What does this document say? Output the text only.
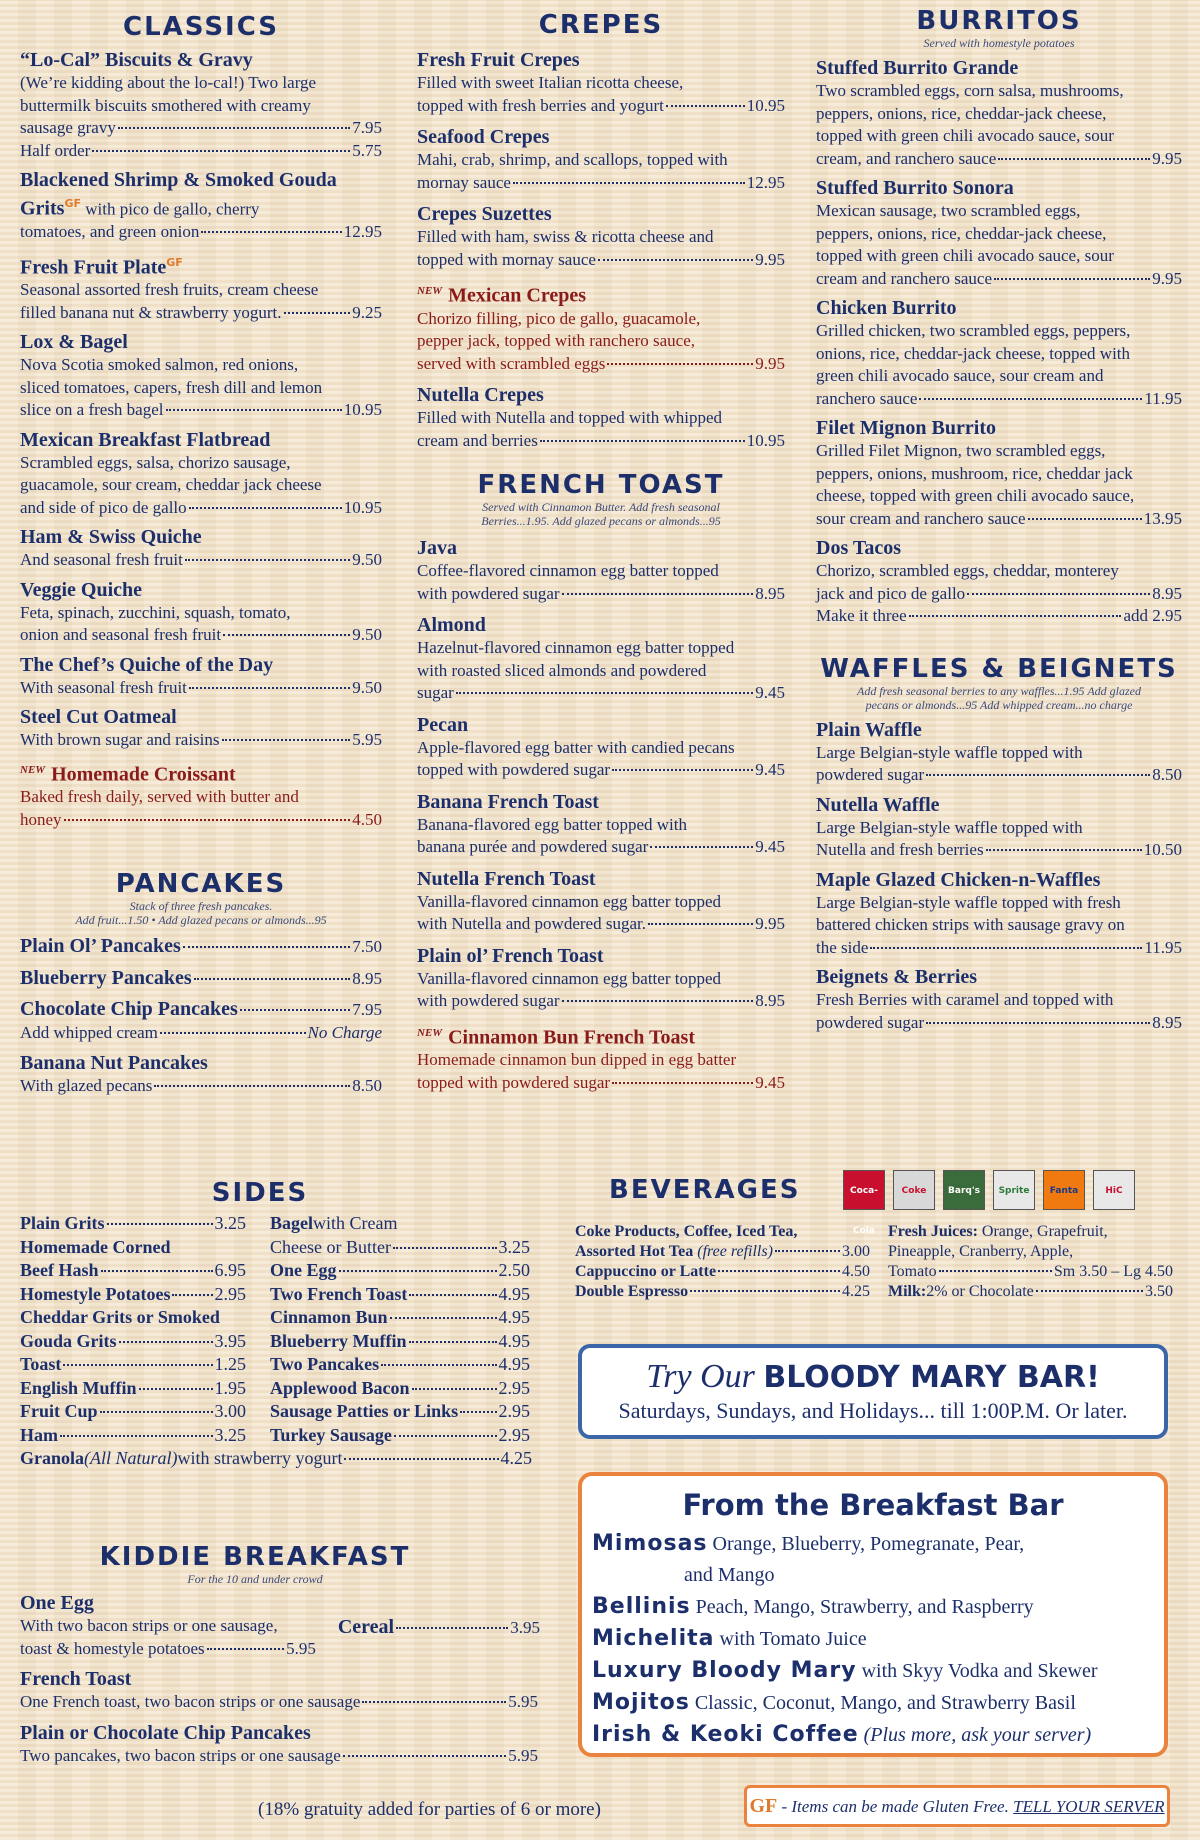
CLASSICS
“Lo-Cal” Biscuits & Gravy
(We’re kidding about the lo-cal!) Two large
buttermilk biscuits smothered with creamy
sausage gravy	7.95
Half order	5.75
Blackened Shrimp & Smoked Gouda
Grits$^{GF}$ with pico de gallo, cherry
tomatoes, and green onion	12.95
Fresh Fruit Plate$^{GF}$
Seasonal assorted fresh fruits, cream cheese
filled banana nut & strawberry yogurt.	9.25
Lox & Bagel
Nova Scotia smoked salmon, red onions,
sliced tomatoes, capers, fresh dill and lemon
slice on a fresh bagel	10.95
Mexican Breakfast Flatbread
Scrambled eggs, salsa, chorizo sausage,
guacamole, sour cream, cheddar jack cheese
and side of pico de gallo	10.95
Ham & Swiss Quiche
And seasonal fresh fruit	9.50
Veggie Quiche
Feta, spinach, zucchini, squash, tomato,
onion and seasonal fresh fruit	9.50
The Chef’s Quiche of the Day
With seasonal fresh fruit	9.50
Steel Cut Oatmeal
With brown sugar and raisins	5.95
$^{NEW}$ Homemade Croissant
Baked fresh daily, served with butter and
honey	4.50
PANCAKES
Stack of three fresh pancakes.
Add fruit...1.50 • Add glazed pecans or almonds...95
Plain Ol’ Pancakes	7.50
Blueberry Pancakes	8.95
Chocolate Chip Pancakes	7.95
Add whipped cream	No Charge
Banana Nut Pancakes
With glazed pecans	8.50
CREPES
Fresh Fruit Crepes
Filled with sweet Italian ricotta cheese,
topped with fresh berries and yogurt	10.95
Seafood Crepes
Mahi, crab, shrimp, and scallops, topped with
mornay sauce	12.95
Crepes Suzettes
Filled with ham, swiss & ricotta cheese and
topped with mornay sauce	9.95
$^{NEW}$ Mexican Crepes
Chorizo filling, pico de gallo, guacamole,
pepper jack, topped with ranchero sauce,
served with scrambled eggs	9.95
Nutella Crepes
Filled with Nutella and topped with whipped
cream and berries	10.95
FRENCH TOAST
Served with Cinnamon Butter. Add fresh seasonal
Berries...1.95. Add glazed pecans or almonds...95
Java
Coffee-flavored cinnamon egg batter topped
with powdered sugar	8.95
Almond
Hazelnut-flavored cinnamon egg batter topped
with roasted sliced almonds and powdered
sugar	9.45
Pecan
Apple-flavored egg batter with candied pecans
topped with powdered sugar	9.45
Banana French Toast
Banana-flavored egg batter topped with
banana purée and powdered sugar	9.45
Nutella French Toast
Vanilla-flavored cinnamon egg batter topped
with Nutella and powdered sugar.	9.95
Plain ol’ French Toast
Vanilla-flavored cinnamon egg batter topped
with powdered sugar	8.95
$^{NEW}$ Cinnamon Bun French Toast
Homemade cinnamon bun dipped in egg batter
topped with powdered sugar	9.45
BURRITOS
Served with homestyle potatoes
Stuffed Burrito Grande
Two scrambled eggs, corn salsa, mushrooms,
peppers, onions, rice, cheddar-jack cheese,
topped with green chili avocado sauce, sour
cream, and ranchero sauce	9.95
Stuffed Burrito Sonora
Mexican sausage, two scrambled eggs,
peppers, onions, rice, cheddar-jack cheese,
topped with green chili avocado sauce, sour
cream and ranchero sauce	9.95
Chicken Burrito
Grilled chicken, two scrambled eggs, peppers,
onions, rice, cheddar-jack cheese, topped with
green chili avocado sauce, sour cream and
ranchero sauce	11.95
Filet Mignon Burrito
Grilled Filet Mignon, two scrambled eggs,
peppers, onions, mushroom, rice, cheddar jack
cheese, topped with green chili avocado sauce,
sour cream and ranchero sauce	13.95
Dos Tacos
Chorizo, scrambled eggs, cheddar, monterey
jack and pico de gallo	8.95
Make it three	add 2.95
WAFFLES & BEIGNETS
Add fresh seasonal berries to any waffles...1.95 Add glazed
pecans or almonds...95 Add whipped cream...no charge
Plain Waffle
Large Belgian-style waffle topped with
powdered sugar	8.50
Nutella Waffle
Large Belgian-style waffle topped with
Nutella and fresh berries	10.50
Maple Glazed Chicken-n-Waffles
Large Belgian-style waffle topped with fresh
battered chicken strips with sausage gravy on
the side	11.95
Beignets & Berries
Fresh Berries with caramel and topped with
powdered sugar	8.95
SIDES
Plain Grits	3.25
Homemade Corned
Beef Hash	6.95
Homestyle Potatoes 2.95
Cheddar Grits or Smoked
Gouda Grits	3.95
Toast	1.25
English Muffin	1.95
Fruit Cup	3.00
Ham	3.25
Bagel with Cream
Cheese or Butter	3.25
One Egg	2.50
Two French Toast	4.95
Cinnamon Bun	4.95
Blueberry Muffin	4.95
Two Pancakes	4.95
Applewood Bacon	2.95
Sausage Patties or Links 2.95
Turkey Sausage	2.95
Granola (All Natural) with strawberry yogurt	4.25
KIDDIE BREAKFAST
For the 10 and under crowd
One Egg
With two bacon strips or one sausage,
toast & homestyle potatoes	5.95
Cereal	3.95
French Toast
One French toast, two bacon strips or one sausage	5.95
Plain or Chocolate Chip Pancakes
Two pancakes, two bacon strips or one sausage	5.95
BEVERAGES	Coca-ColaCoke Barq's Sprite Fanta	HiC
Coke Products, Coffee, Iced Tea,
Assorted Hot Tea
(free refills)	3.00
Cappuccino or Latte	4.50
Double Espresso	4.25
Fresh Juices: Orange, Grapefruit,
Pineapple, Cranberry, Apple,
Tomato	Sm 3.50 – Lg 4.50
Milk: 2% or Chocolate	3.50
Try Our BLOODY MARY BAR!
Saturdays, Sundays, and Holidays... till 1:00P.M. Or later.
From the Breakfast Bar
Mimosas Orange, Blueberry, Pomegranate, Pear,
and Mango
Bellinis Peach, Mango, Strawberry, and Raspberry
Michelita with Tomato Juice
Luxury Bloody Mary with Skyy Vodka and Skewer
Mojitos Classic, Coconut, Mango, and Strawberry Basil
Irish & Keoki Coffee (Plus more, ask your server)
(18% gratuity added for parties of 6 or more)	GF - Items can be made Gluten Free. TELL YOUR SERVER
